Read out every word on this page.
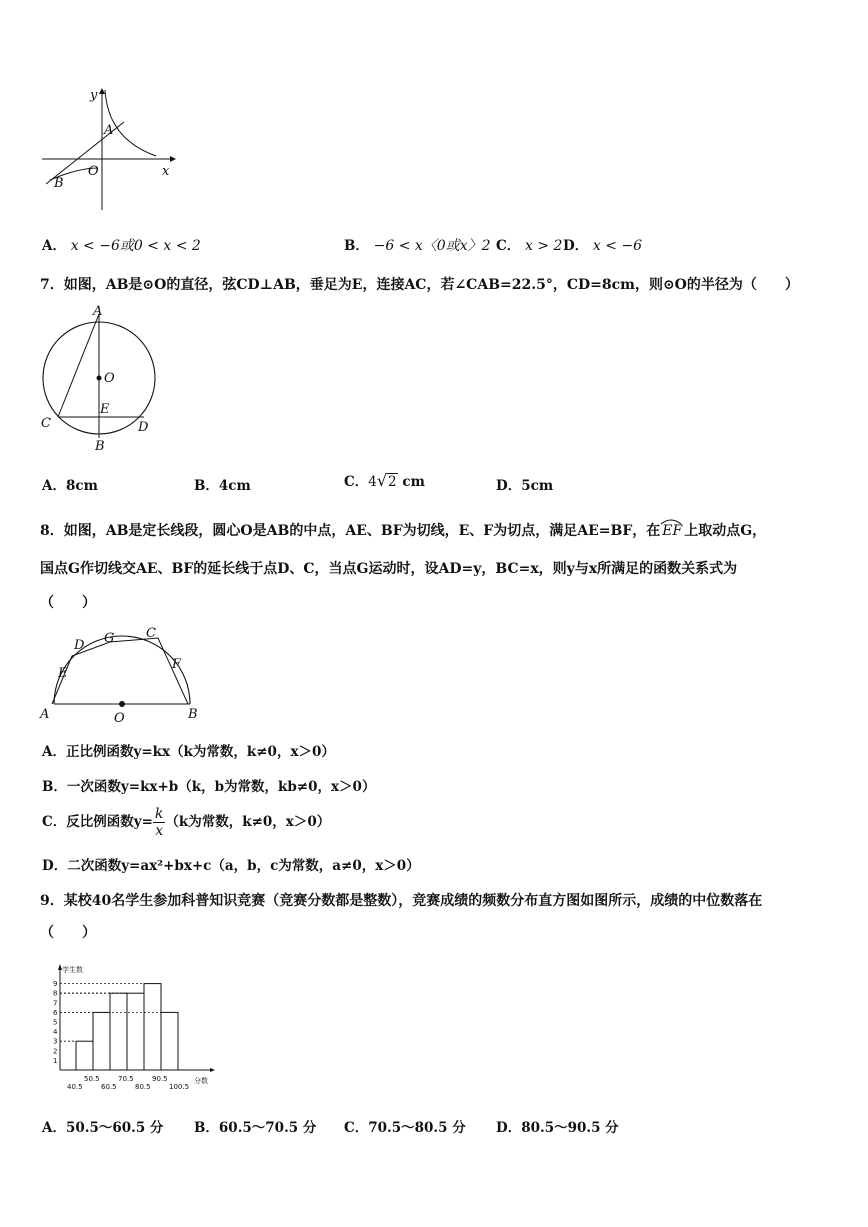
y
x
O
A
B
A． x < −6或0 < x < 2	B． −6 < x〈0或x〉2 C． x > 2 D． x < −6
7．如图，AB是⊙O的直径，弦CD⊥AB，垂足为E，连接AC，若∠CAB=22.5°，CD=8cm，则⊙O的半径为（　　）
A
O
E
C	D
B
A．8cm	B．4cm	C．4√2 cm	D．5cm
8．如图，AB是定长线段，圆心O是AB的中点，AE、BF为切线，E、F为切点，满足AE=BF，在 EF 上取动点G，
国点G作切线交AE、BF的延长线于点D、C，当点G运动时，设AD=y，BC=x，则y与x所满足的函数关系式为
（　　）
D G C
E
F
A	O	B
A．正比例函数y=kx（k为常数，k≠0，x＞0）
B．一次函数y=kx+b（k，b为常数，kb≠0，x＞0）
C．反比例函数$y= \frac{k}{x} (k$为常数，k≠0，x＞0）
D．二次函数y=ax²+bx+c（a，b，c为常数，a≠0，x＞0）
9．某校40名学生参加科普知识竞赛（竞赛分数都是整数），竞赛成绩的频数分布直方图如图所示，成绩的中位数落在
（　　）
学生数
分数
1
2
3
4
5
6
7
8
9
40.5
50.5
60.5
70.5
80.5
90.5
100.5
A．50.5～60.5 分 B．60.5～70.5 分 C．70.5～80.5 分 D．80.5～90.5 分
